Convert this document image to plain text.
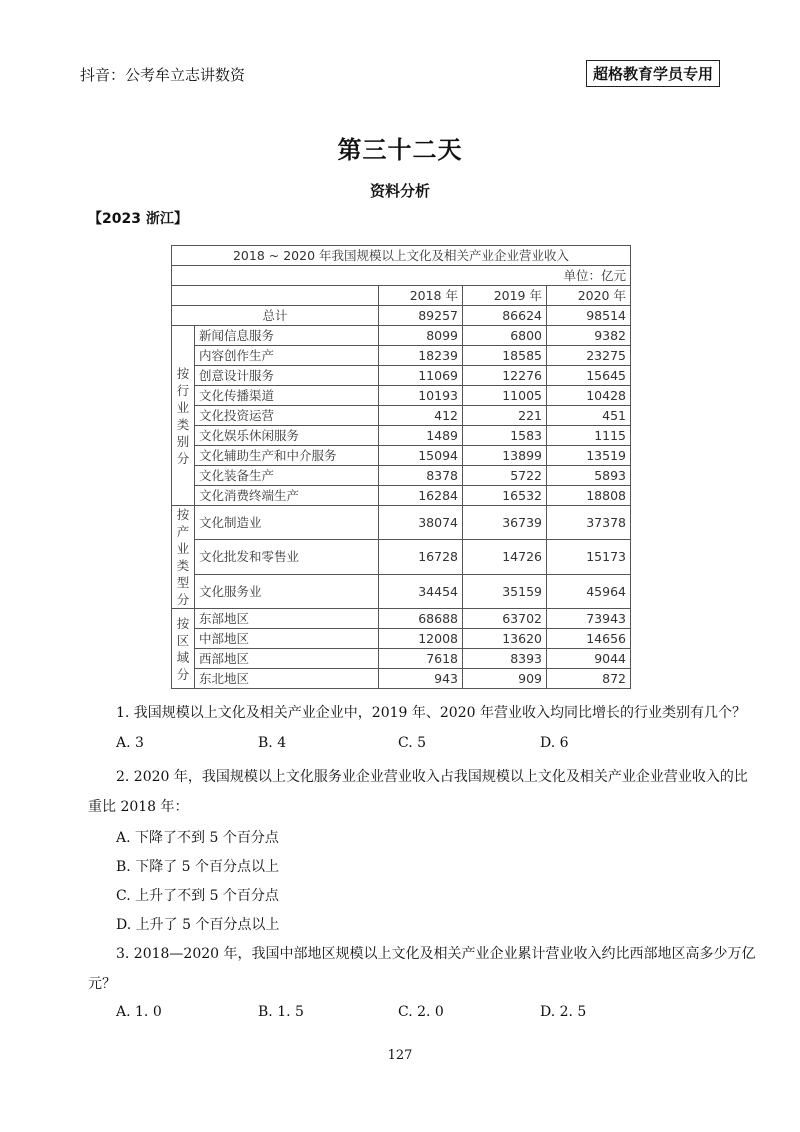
抖音：公考牟立志讲数资	超格教育学员专用
第三十二天
资料分析
【2023 浙江】
2018 ~ 2020 年我国规模以上文化及相关产业企业营业收入				
单位：亿元				
		2018 年	2019 年	2020 年
总计		89257	86624	98514
按行业类别分	新闻信息服务	8099	6800	9382
	内容创作生产	18239	18585	23275
	创意设计服务	11069	12276	15645
	文化传播渠道	10193	11005	10428
	文化投资运营	412	221	451
	文化娱乐休闲服务	1489	1583	1115
	文化辅助生产和中介服务	15094	13899	13519
	文化装备生产	8378	5722	5893
	文化消费终端生产	16284	16532	18808
按产业类型分	文化制造业	38074	36739	37378
	文化批发和零售业	16728	14726	15173
	文化服务业	34454	35159	45964
按区域分	东部地区	68688	63702	73943
	中部地区	12008	13620	14656
	西部地区	7618	8393	9044
	东北地区	943	909	872
1. 我国规模以上文化及相关产业企业中，2019 年、2020 年营业收入均同比增长的行业类别有几个？
A. 3	B. 4	C. 5	D. 6
2. 2020 年，我国规模以上文化服务业企业营业收入占我国规模以上文化及相关产业企业营业收入的比
重比 2018 年：
A. 下降了不到 5 个百分点
B. 下降了 5 个百分点以上
C. 上升了不到 5 个百分点
D. 上升了 5 个百分点以上
3. 2018—2020 年，我国中部地区规模以上文化及相关产业企业累计营业收入约比西部地区高多少万亿
元？
A. 1. 0	B. 1. 5	C. 2. 0	D. 2. 5
127
